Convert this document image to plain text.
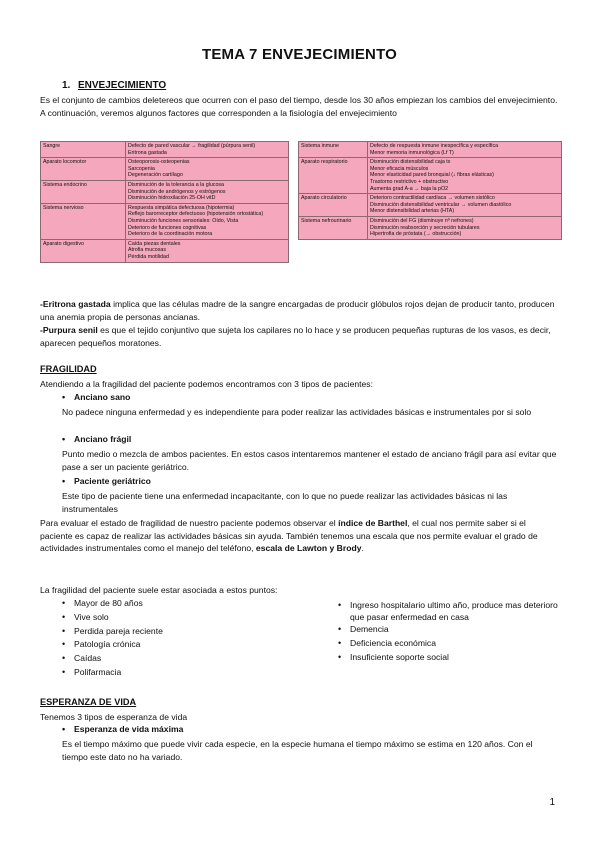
TEMA 7 ENVEJECIMIENTO
1. ENVEJECIMIENTO
Es el conjunto de cambios deletereos que ocurren con el paso del tiempo, desde los 30 años empiezan los cambios del envejecimiento. A continuación, veremos algunos factores que corresponden a la fisiología del envejecimiento
Sangre	Defecto de pared vascular → fragilidad (púrpura senil)
Eritrona gastada

Aparato locomotor	Osteoporosis-osteopenias
Sarcopenia
Degeneración cartílago

Sistema endocrino	Disminución de la tolerancia a la glucosa
Disminución de andrógenos y estrógenos
Disminución hidroxilación 25-OH vitD

Sistema nervioso	Respuesta simpática defectuosa (hipotermia)
Reflejo barorreceptor defectuoso (hipotensión ortostática)
Disminución funciones sensoriales: Oído, Vista
Deterioro de funciones cognitivas
Deterioro de la coordinación motora

Aparato digestivo	Caída piezas dentales
Atrofia mucosas
Pérdida motilidad
Sistema inmune	Defecto de respuesta inmune inespecífica y específica
Menor memoria inmunológica (Lf T)

Aparato respiratorio	Disminución distensibilidad caja tx
Menor eficacia músculos
Menor elasticidad pared bronquial (↓ fibras elásticas)
Trastorno restrictivo + obstructivo
Aumenta grad A-a → baja la pO2

Aparato circulatorio	Deterioro contractilidad cardíaca → volumen sistólico
Disminución distensibilidad ventricular → volumen diastólico
Menor distensibilidad arterias (HTA)

Sistema nefrourinario	Disminución del FG (disminuye nº nefrones)
Disminución reabsorción y secreción tubulares
Hipertrofia de próstata (→ obstrucción)
-Eritrona gastada implica que las células madre de la sangre encargadas de producir glóbulos rojos dejan de producir tanto, producen una anemia propia de personas ancianas.
-Purpura senil es que el tejido conjuntivo que sujeta los capilares no lo hace y se producen pequeñas rupturas de los vasos, es decir, aparecen pequeños moratones.
FRAGILIDAD
Atendiendo a la fragilidad del paciente podemos encontramos con 3 tipos de pacientes:
• Anciano sano
No padece ninguna enfermedad y es independiente para poder realizar las actividades básicas e instrumentales por si solo
• Anciano frágil
Punto medio o mezcla de ambos pacientes. En estos casos intentaremos mantener el estado de anciano frágil para así evitar que pase a ser un paciente geriátrico.
• Paciente geriátrico
Este tipo de paciente tiene una enfermedad incapacitante, con lo que no puede realizar las actividades básicas ni las instrumentales
Para evaluar el estado de fragilidad de nuestro paciente podemos observar el índice de Barthel, el cual nos permite saber si el paciente es capaz de realizar las actividades básicas sin ayuda. También tenemos una escala que nos permite evaluar el grado de actividades instrumentales como el manejo del teléfono, escala de Lawton y Brody.
La fragilidad del paciente suele estar asociada a estos puntos:
• Mayor de 80 años
• Vive solo
• Perdida pareja reciente
• Patología crónica
• Caídas
• Polifarmacia
•	Ingreso hospitalario ultimo año, produce mas deterioro que pasar enfermedad en casa
• Demencia
• Deficiencia económica
• Insuficiente soporte social
ESPERANZA DE VIDA
Tenemos 3 tipos de esperanza de vida
• Esperanza de vida máxima
Es el tiempo máximo que puede vivir cada especie, en la especie humana el tiempo máximo se estima en 120 años. Con el tiempo este dato no ha variado.
1
